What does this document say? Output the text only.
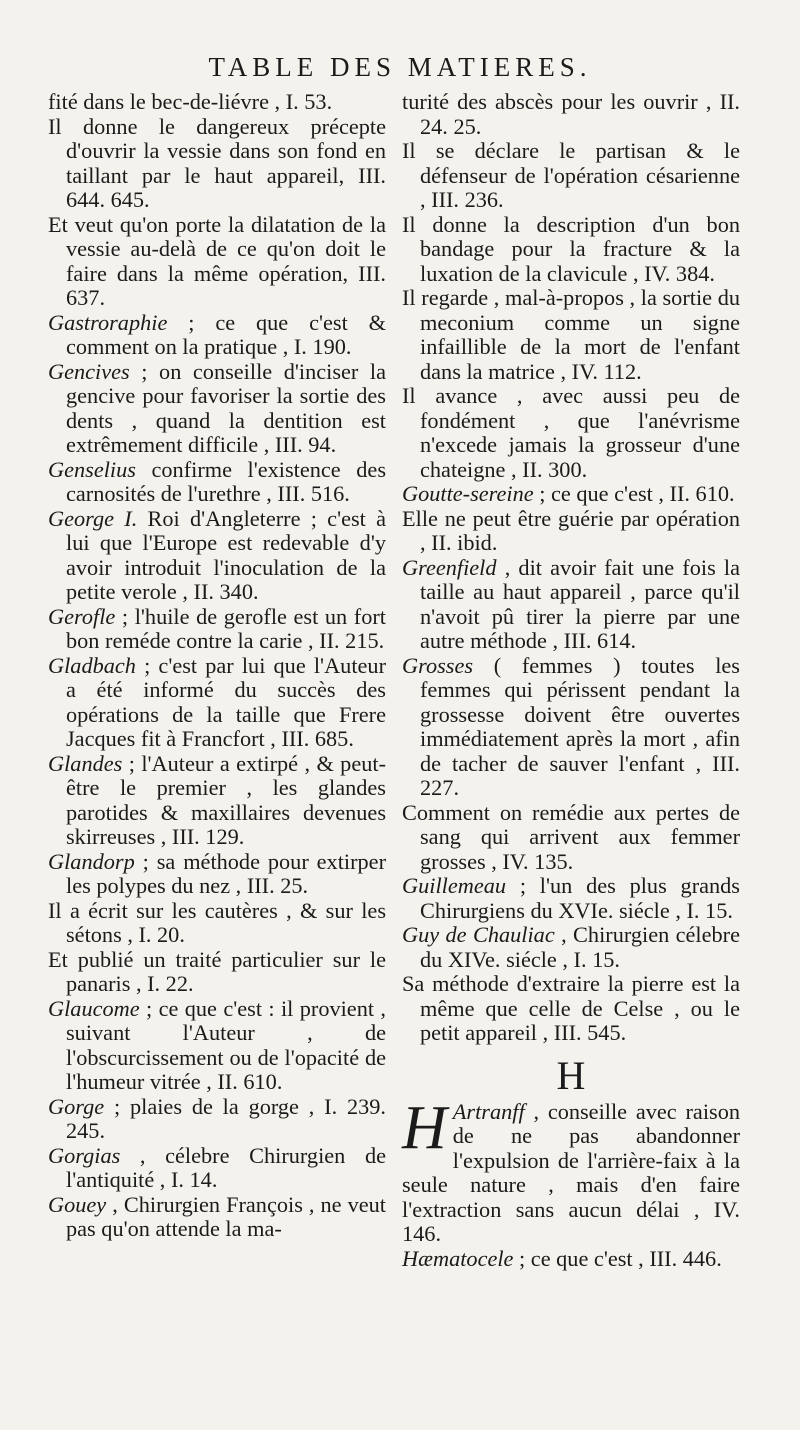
TABLE DES MATIERES.
fité dans le bec-de-liévre , I. 53.
Il donne le dangereux précepte d'ouvrir la vessie dans son fond en taillant par le haut appareil, III. 644. 645.
Et veut qu'on porte la dilatation de la vessie au-delà de ce qu'on doit le faire dans la même opération, III. 637.
Gastroraphie ; ce que c'est & comment on la pratique , I. 190.
Gencives ; on conseille d'inciser la gencive pour favoriser la sortie des dents , quand la dentition est extrêmement difficile , III. 94.
Genselius confirme l'existence des carnosités de l'urethre , III. 516.
George I. Roi d'Angleterre ; c'est à lui que l'Europe est redevable d'y avoir introduit l'inoculation de la petite verole , II. 340.
Gerofle ; l'huile de gerofle est un fort bon reméde contre la carie , II. 215.
Gladbach ; c'est par lui que l'Auteur a été informé du succès des opérations de la taille que Frere Jacques fit à Francfort , III. 685.
Glandes ; l'Auteur a extirpé , & peut-être le premier , les glandes parotides & maxillaires devenues skirreuses , III. 129.
Glandorp ; sa méthode pour extirper les polypes du nez , III. 25.
Il a écrit sur les cautères , & sur les sétons , I. 20.
Et publié un traité particulier sur le panaris , I. 22.
Glaucome ; ce que c'est : il provient , suivant l'Auteur , de l'obscurcissement ou de l'opacité de l'humeur vitrée , II. 610.
Gorge ; plaies de la gorge , I. 239. 245.
Gorgias , célebre Chirurgien de l'antiquité , I. 14.
Gouey , Chirurgien François , ne veut pas qu'on attende la ma-
turité des abscès pour les ouvrir , II. 24. 25.
Il se déclare le partisan & le défenseur de l'opération césarienne , III. 236.
Il donne la description d'un bon bandage pour la fracture & la luxation de la clavicule , IV. 384.
Il regarde , mal-à-propos , la sortie du meconium comme un signe infaillible de la mort de l'enfant dans la matrice , IV. 112.
Il avance , avec aussi peu de fondément , que l'anévrisme n'excede jamais la grosseur d'une chateigne , II. 300.
Goutte-sereine ; ce que c'est , II. 610.
Elle ne peut être guérie par opération , II. ibid.
Greenfield , dit avoir fait une fois la taille au haut appareil , parce qu'il n'avoit pû tirer la pierre par une autre méthode , III. 614.
Grosses ( femmes ) toutes les femmes qui périssent pendant la grossesse doivent être ouvertes immédiatement après la mort , afin de tacher de sauver l'enfant , III. 227.
Comment on remédie aux pertes de sang qui arrivent aux femmer grosses , IV. 135.
Guillemeau ; l'un des plus grands Chirurgiens du XVIe. siécle , I. 15.
Guy de Chauliac , Chirurgien célebre du XIVe. siécle , I. 15.
Sa méthode d'extraire la pierre est la même que celle de Celse , ou le petit appareil , III. 545.
H
H Artranff , conseille avec raison de ne pas abandonner l'expulsion de l'arrière-faix à la seule nature , mais d'en faire l'extraction sans aucun délai , IV. 146.
Hæmatocele ; ce que c'est , III. 446.
